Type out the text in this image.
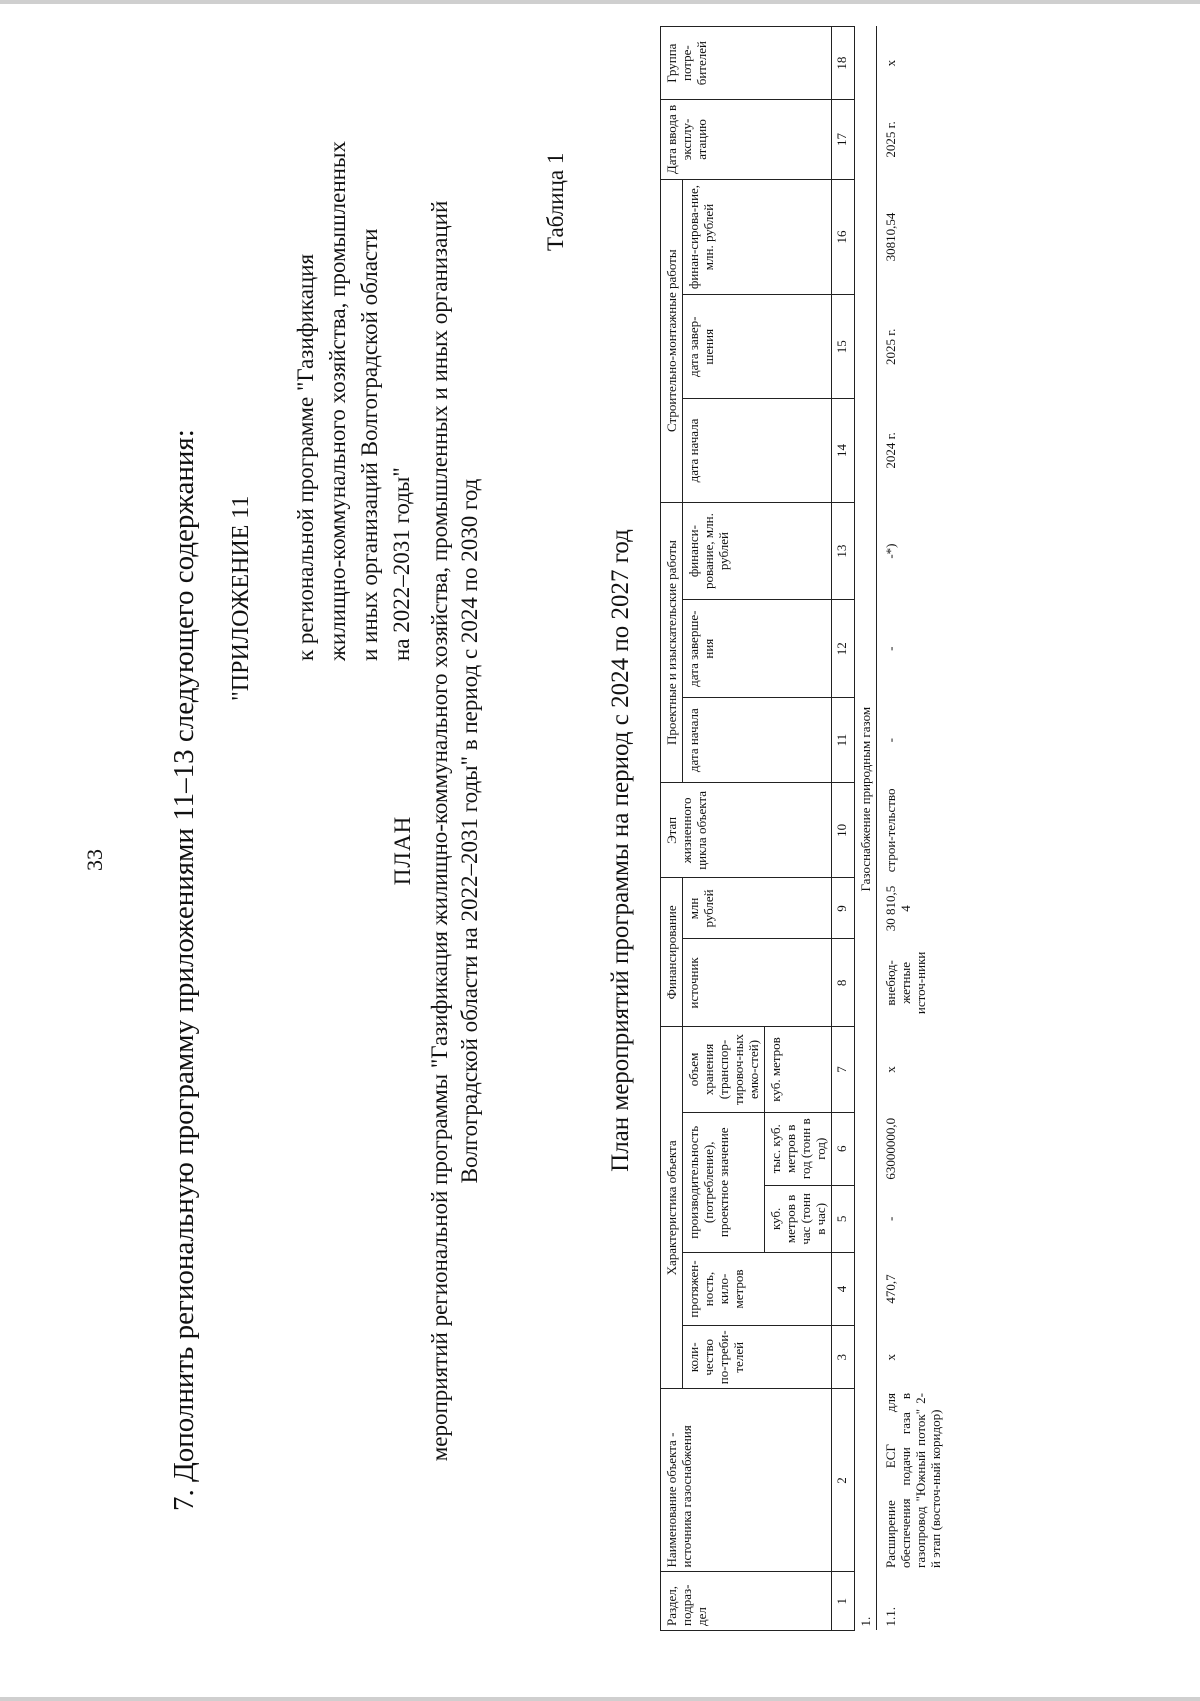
33 7. Дополнить региональную программу приложениями 11–13 следующего содержания: "ПРИЛОЖЕНИЕ 11 к региональной программе "Газификация жилищно-коммунального хозяйства, промышленных и иных организаций Волгоградской области на 2022–2031 годы"
ПЛАН мероприятий региональной программы "Газификация жилищно-коммунального хозяйства, промышленных и иных организаций Волгоградской области на 2022–2031 годы" в период с 2024 по 2030 год
Таблица 1
План мероприятий программы на период с 2024 по 2027 год
Раздел, подраз-дел	Наименование объекта - источника газоснабжения	Характеристика объекта					Финансирование		Этап жизненного цикла объекта	Проектные и изыскательские работы			Строительно-монтажные работы			Дата ввода в эксплу-атацию	Группа потре-бителей
		коли-чество по-треби-телей	протяжен-ность, кило-метров	производительность (потребление), проектное значение		объем хранения (транспор-тировоч-ных емко-стей)	источник	млн рублей		дата начала	дата заверше-ния	финанси-рование, млн. рублей	дата начала	дата завер-шения	финан-сирова-ние, млн. рублей		
				куб. метров в час (тонн в час)	тыс. куб. метров в год (тонн в год)	куб. метров											
1	2	3	4	5	6	7	8	9	10	11	12	13	14	15	16	17	18
1.	Газоснабжение природным газом																
1.1.	Расширение ЕСГ для обеспечения подачи газа в газопровод "Южный поток" 2-й этап (восточ-ный коридор)	x	470,7	-	63000000,0	x	внебюд-жетные источ-ники	30 810,5 4	строи-тельство	-	-	-*)	2024 г.	2025 г.	30810,54	2025 г.	x
